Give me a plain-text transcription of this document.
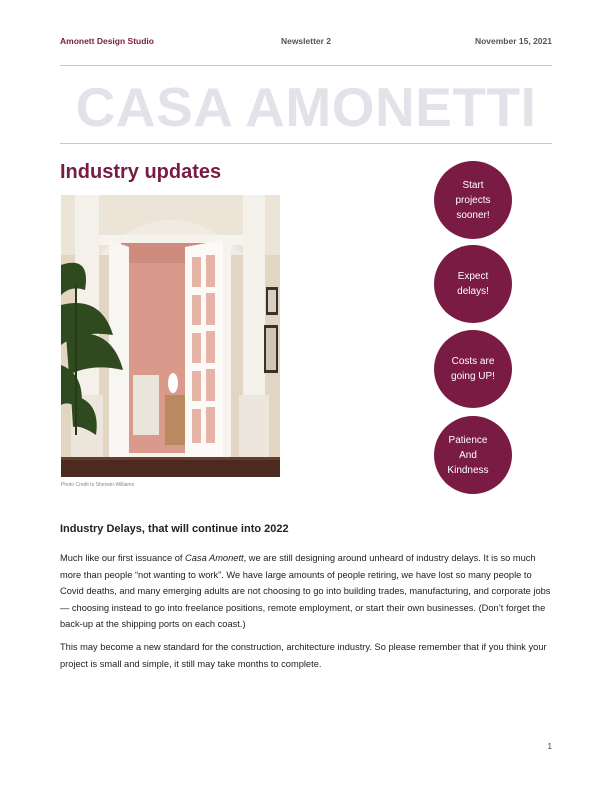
Newsletter 2
Amonett Design Studio	November 15, 2021
CASA AMONETTI
Industry updates
Photo Credit to Sherwin-Williams
Start
projects
sooner!
Expect
delays!
Costs are
going UP!
Patience
And Kindness
Industry Delays, that will continue into 2022

Much like our first issuance of Casa Amonett, we are still designing around unheard of industry delays. It is so much more than people “not wanting to work”. We have large amounts of people retiring, we have lost so many people to Covid deaths, and many emerging adults are not choosing to go into building trades, manufacturing, and corporate jobs— choosing instead to go into freelance positions, remote employment, or start their own businesses. (Don’t forget the back-up at the shipping ports on each coast.)

This may become a new standard for the construction, architecture industry. So please remember that if you think your project is small and simple, it still may take months to complete.

1
